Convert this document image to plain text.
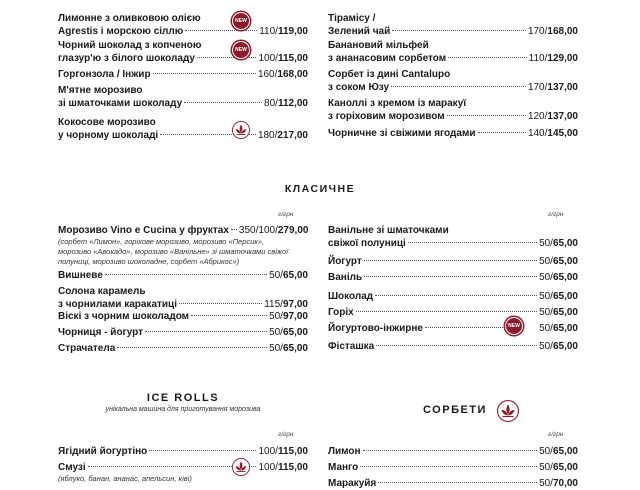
Лимонне з оливковою олією
Agrestis і морскою сіллю	110/119,00
NEW
Чорний шоколад з копченою
глазур'ю з білого шоколаду	100/115,00
NEW
Горгонзола / Інжир	160/168,00
М'ятне морозиво
зі шматочками шоколаду	80/112,00
Кокосове морозиво
у чорному шоколаді	180/217,00
Тірамісу /
Зелений чай	170/168,00
Банановий мільфей
з ананасовим сорбетом	110/129,00
Сорбет із дині Cantalupo
з соком Юзу	170/137,00
Каноллі з кремом із маракуї
з горіховим морозивом	120/137,00
Чорничне зі свіжими ягодами	140/145,00
КЛАСИЧНЕ
г/грн	г/грн
Морозиво Vino e Cucina у фруктах 350/100/279,00
(сорбет «Лимон», горіхове морозиво, морозиво «Персик», морозиво «Авокадо», морозиво «Ванільне» зі шматочками свіжої полуниці, морозиво шоколадне, сорбет «Абрикос»)
Вишневе	50/65,00
Солона карамель
з чорнилами каракатиці	115/97,00
Віскі з чорним шоколадом	50/97,00
Чорниця - йогурт	50/65,00
Страчатела	50/65,00
Ванільне зі шматочками
свіжої полуниці	50/65,00
Йогурт	50/65,00
Ваніль	50/65,00
Шоколад	50/65,00
Горіх	50/65,00
Йогуртово-інжирне	50/65,00
NEW
Фісташка	50/65,00
ICE ROLLS
унікальна машина для приготування морозива
г/грн
Ягідний йогуртіно	100/115,00
Смузі	100/115,00
(яблуко, банан, ананас, апельсин, ківі)
СОРБЕТИ
г/грн
Лимон	50/65,00
Манго	50/65,00
Маракуйя	50/70,00
